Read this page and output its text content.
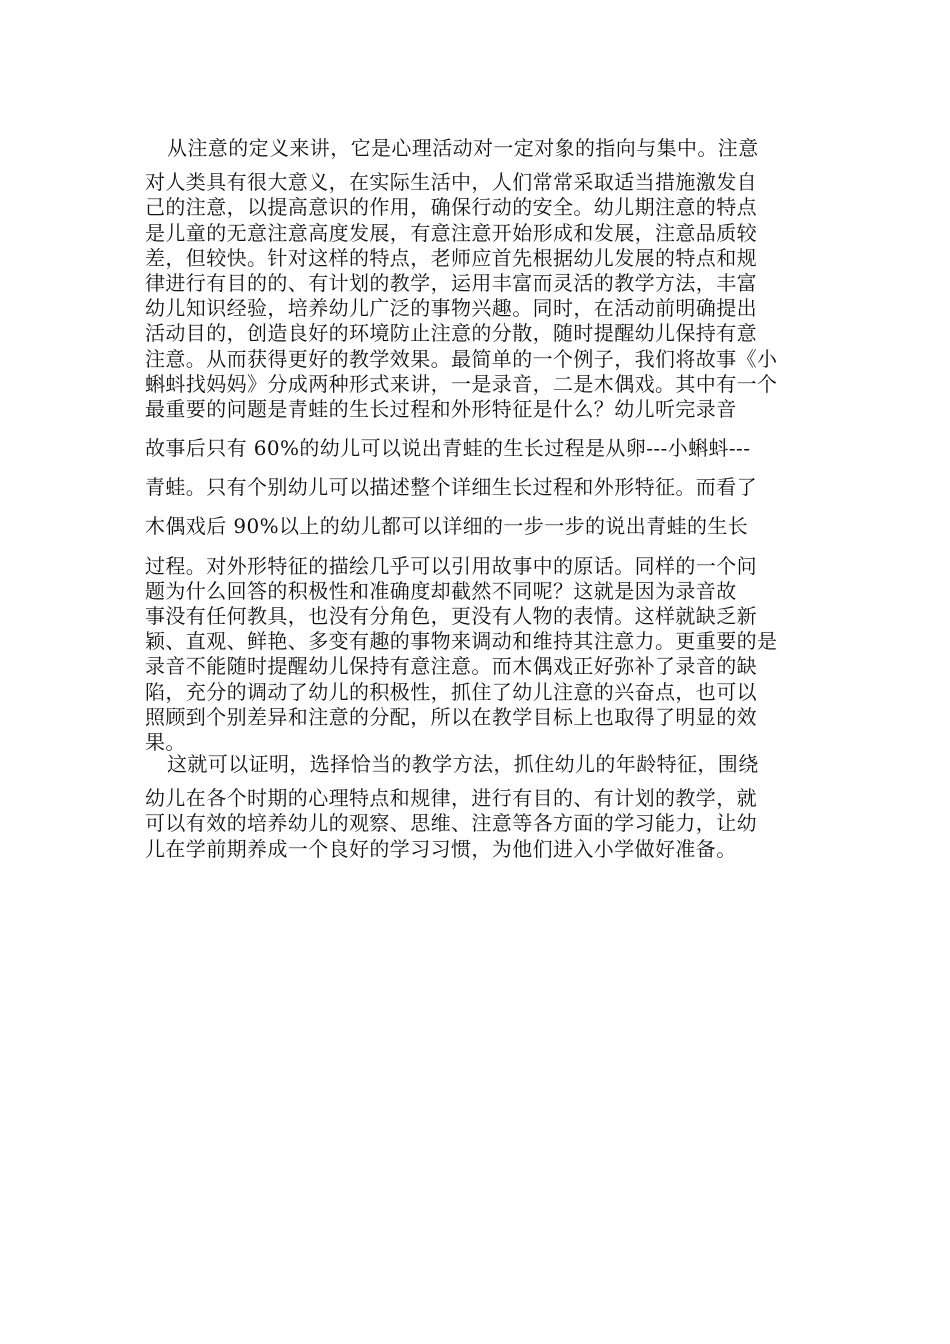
从注意的定义来讲，它是心理活动对一定对象的指向与集中。注意
对人类具有很大意义，在实际生活中，人们常常采取适当措施激发自
己的注意，以提高意识的作用，确保行动的安全。幼儿期注意的特点
是儿童的无意注意高度发展，有意注意开始形成和发展，注意品质较
差，但较快。针对这样的特点，老师应首先根据幼儿发展的特点和规
律进行有目的的、有计划的教学，运用丰富而灵活的教学方法，丰富
幼儿知识经验，培养幼儿广泛的事物兴趣。同时，在活动前明确提出
活动目的，创造良好的环境防止注意的分散，随时提醒幼儿保持有意
注意。从而获得更好的教学效果。最简单的一个例子，我们将故事《小
蝌蚪找妈妈》分成两种形式来讲，一是录音，二是木偶戏。其中有一个
最重要的问题是青蛙的生长过程和外形特征是什么？幼儿听完录音
故事后只有 60%的幼儿可以说出青蛙的生长过程是从卵---小蝌蚪---
青蛙。只有个别幼儿可以描述整个详细生长过程和外形特征。而看了
木偶戏后 90%以上的幼儿都可以详细的一步一步的说出青蛙的生长
过程。对外形特征的描绘几乎可以引用故事中的原话。同样的一个问
题为什么回答的积极性和准确度却截然不同呢？这就是因为录音故
事没有任何教具，也没有分角色，更没有人物的表情。这样就缺乏新
颖、直观、鲜艳、多变有趣的事物来调动和维持其注意力。更重要的是
录音不能随时提醒幼儿保持有意注意。而木偶戏正好弥补了录音的缺
陷，充分的调动了幼儿的积极性，抓住了幼儿注意的兴奋点，也可以
照顾到个别差异和注意的分配，所以在教学目标上也取得了明显的效
果。
这就可以证明，选择恰当的教学方法，抓住幼儿的年龄特征，围绕
幼儿在各个时期的心理特点和规律，进行有目的、有计划的教学，就
可以有效的培养幼儿的观察、思维、注意等各方面的学习能力，让幼
儿在学前期养成一个良好的学习习惯，为他们进入小学做好准备。
